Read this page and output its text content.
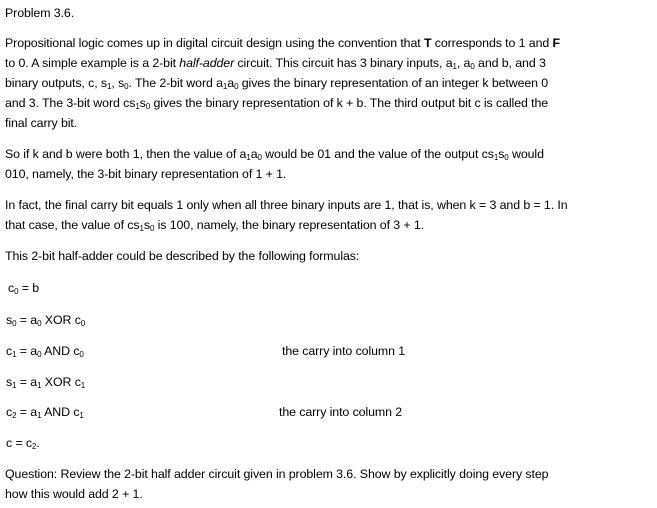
Problem 3.6.
Propositional logic comes up in digital circuit design using the convention that T corresponds to 1 and F
to 0. A simple example is a 2-bit half-adder circuit. This circuit has 3 binary inputs, $a_1$, $a_0$ and b, and 3
binary outputs, c, $s_1$, $s_0$. The 2-bit word $a_1a_0$ gives the binary representation of an integer k between 0
and 3. The 3-bit word $cs_1s_0$ gives the binary representation of k + b. The third output bit c is called the
final carry bit.
So if k and b were both 1, then the value of $a_1a_0$ would be 01 and the value of the output $cs_1s_0$ would
010, namely, the 3-bit binary representation of 1 + 1.
In fact, the final carry bit equals 1 only when all three binary inputs are 1, that is, when k = 3 and b = 1. In
that case, the value of $cs_1s_0$ is 100, namely, the binary representation of 3 + 1.
This 2-bit half-adder could be described by the following formulas:
$c_0 = b$
$s_0 = a_0$ XOR $c_0$
$c_1 = a_0$ AND $c_0$	the carry into column 1
$s_1 = a_1$ XOR $c_1$
$c_2 = a_1$ AND $c_1$	the carry into column 2
$c = c_2$.
Question: Review the 2-bit half adder circuit given in problem 3.6. Show by explicitly doing every step
how this would add 2 + 1.
